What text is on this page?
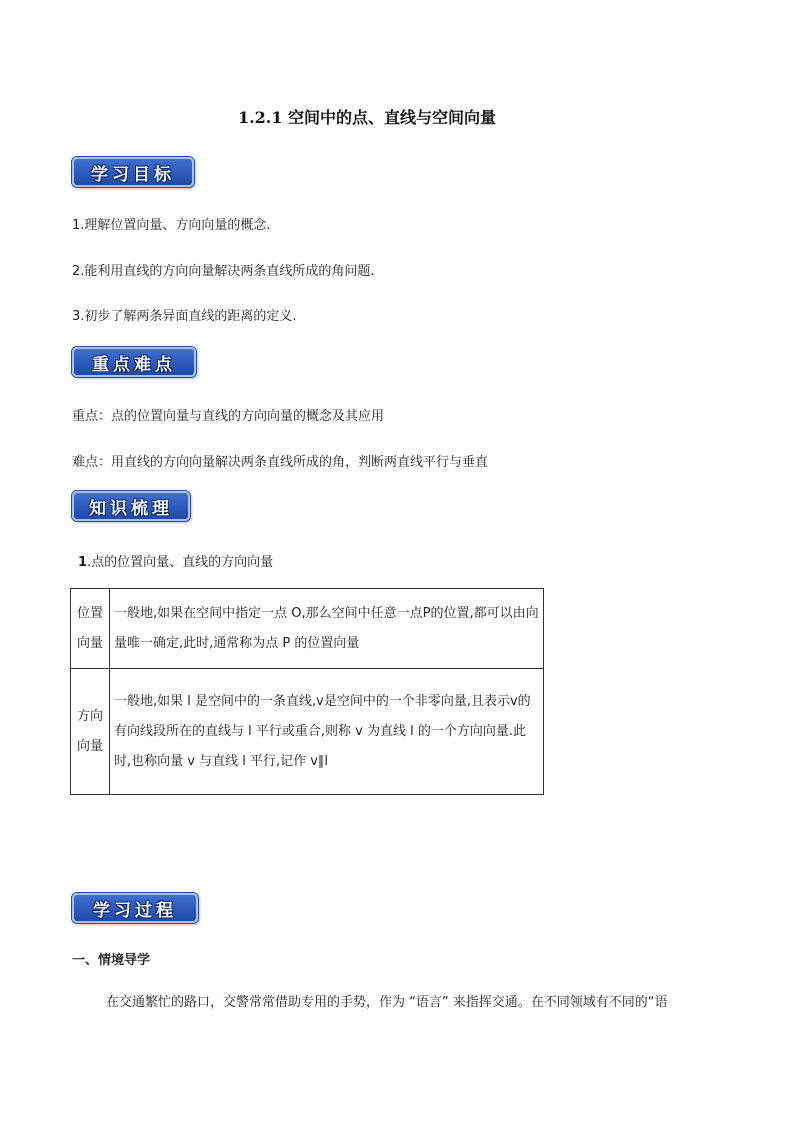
1.2.1 空间中的点、直线与空间向量
学习目标
1.理解位置向量、方向向量的概念.
2.能利用直线的方向向量解决两条直线所成的角问题.
3.初步了解两条异面直线的距离的定义.
重点难点
重点：点的位置向量与直线的方向向量的概念及其应用
难点：用直线的方向向量解决两条直线所成的角，判断两直线平行与垂直
知识梳理
1.点的位置向量、直线的方向向量
位置
向量	一般地,如果在空间中指定一点 O,那么空间中任意一点P的位置,都可以由向量唯一确定,此时,通常称为点 P 的位置向量

方向
向量	一般地,如果 l 是空间中的一条直线,v是空间中的一个非零向量,且表示v的有向线段所在的直线与 l 平行或重合,则称 v 为直线 l 的一个方向向量.此时,也称向量 v 与直线 l 平行,记作 v∥l
学习过程
一、情境导学
在交通繁忙的路口，交警常常借助专用的手势，作为 “语言” 来指挥交通。在不同领域有不同的“语
